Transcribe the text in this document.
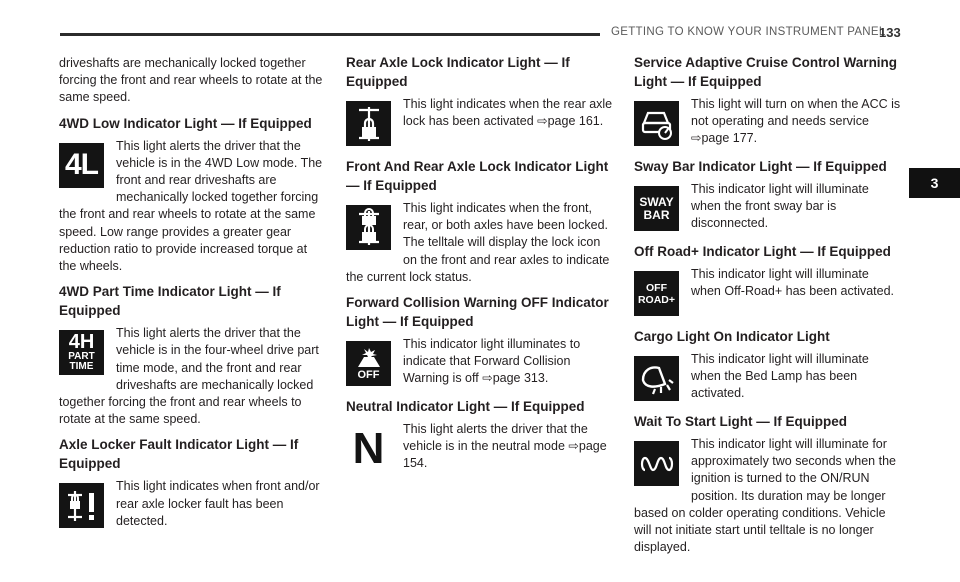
GETTING TO KNOW YOUR INSTRUMENT PANEL
133
3

driveshafts are mechanically locked together forcing the front and rear wheels to rotate at the same speed.

4WD Low Indicator Light — If Equipped
4L

This light alerts the driver that the vehicle is in the 4WD Low mode. The front and rear driveshafts are mechanically locked together forcing the front and rear wheels to rotate at the same speed. Low range provides a greater gear reduction ratio to provide increased torque at the wheels.

4WD Part Time Indicator Light — If Equipped
4H
PART
TIME

This light alerts the driver that the vehicle is in the four-wheel drive part time mode, and the front and rear driveshafts are mechanically locked together forcing the front and rear wheels to rotate at the same speed.

Axle Locker Fault Indicator Light — If Equipped

This light indicates when front and/or rear axle locker fault has been detected.

Rear Axle Lock Indicator Light — If Equipped

This light indicates when the rear axle lock has been activated ⇨ page 161.

Front And Rear Axle Lock Indicator Light — If Equipped

This light indicates when the front, rear, or both axles have been locked. The telltale will display the lock icon on the front and rear axles to indicate the current lock status.

Forward Collision Warning OFF Indicator Light — If Equipped
OFF

This indicator light illuminates to indicate that Forward Collision Warning is off ⇨ page 313.

Neutral Indicator Light — If Equipped
N	This light alerts the driver that the vehicle is in the neutral mode ⇨ page 154.

Service Adaptive Cruise Control Warning Light — If Equipped

This light will turn on when the ACC is not operating and needs service ⇨ page 177.

Sway Bar Indicator Light — If Equipped
SWAY
BAR

This indicator light will illuminate when the front sway bar is disconnected.

Off Road+ Indicator Light — If Equipped
OFF
ROAD+

This indicator light will illuminate when Off-Road+ has been activated.

Cargo Light On Indicator Light

This indicator light will illuminate when the Bed Lamp has been activated.

Wait To Start Light — If Equipped

This indicator light will illuminate for approximately two seconds when the ignition is turned to the ON/RUN position. Its duration may be longer based on colder operating conditions. Vehicle will not initiate start until telltale is no longer displayed.
